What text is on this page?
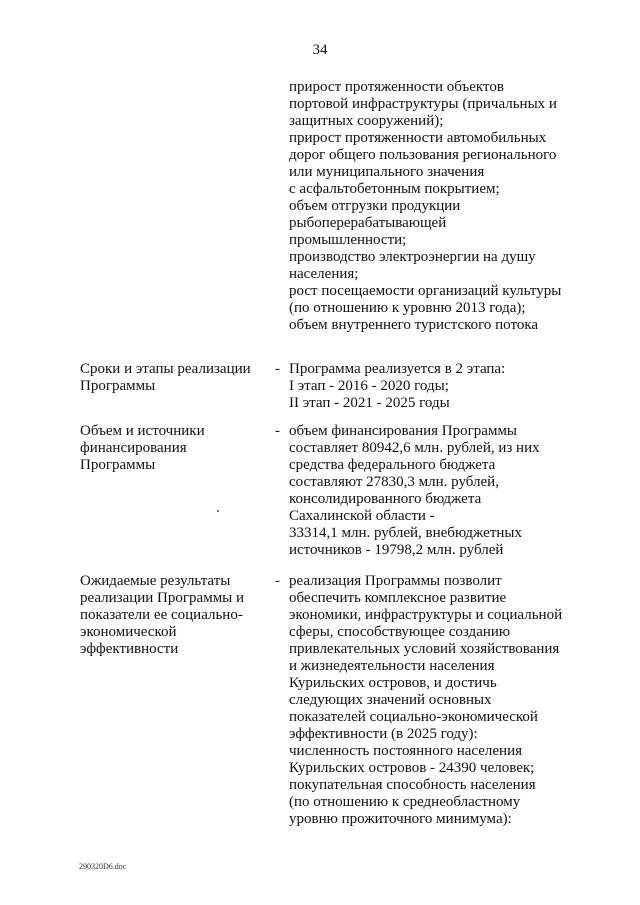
34
прирост протяженности объектов
портовой инфраструктуры (причальных и
защитных сооружений);
прирост протяженности автомобильных
дорог общего пользования регионального
или муниципального значения
с асфальтобетонным покрытием;
объем отгрузки продукции
рыбоперерабатывающей
промышленности;
производство электроэнергии на душу
населения;
рост посещаемости организаций культуры
(по отношению к уровню 2013 года);
объем внутреннего туристского потока
Сроки и этапы реализации
Программы
- Программа реализуется в 2 этапа:
I этап - 2016 - 2020 годы;
II этап - 2021 - 2025 годы
Объем и источники
финансирования
Программы
- объем финансирования Программы
составляет 80942,6 млн. рублей, из них
средства федерального бюджета
составляют 27830,3 млн. рублей,
консолидированного бюджета
Сахалинской области -
33314,1 млн. рублей, внебюджетных
источников - 19798,2 млн. рублей
Ожидаемые результаты
реализации Программы и
показатели ее социально-
экономической
эффективности
- реализация Программы позволит
обеспечить комплексное развитие
экономики, инфраструктуры и социальной
сферы, способствующее созданию
привлекательных условий хозяйствования
и жизнедеятельности населения
Курильских островов, и достичь
следующих значений основных
показателей социально-экономической
эффективности (в 2025 году):
численность постоянного населения
Курильских островов - 24390 человек;
покупательная способность населения
(по отношению к среднеобластному
уровню прожиточного минимума):
290320D6.doc
